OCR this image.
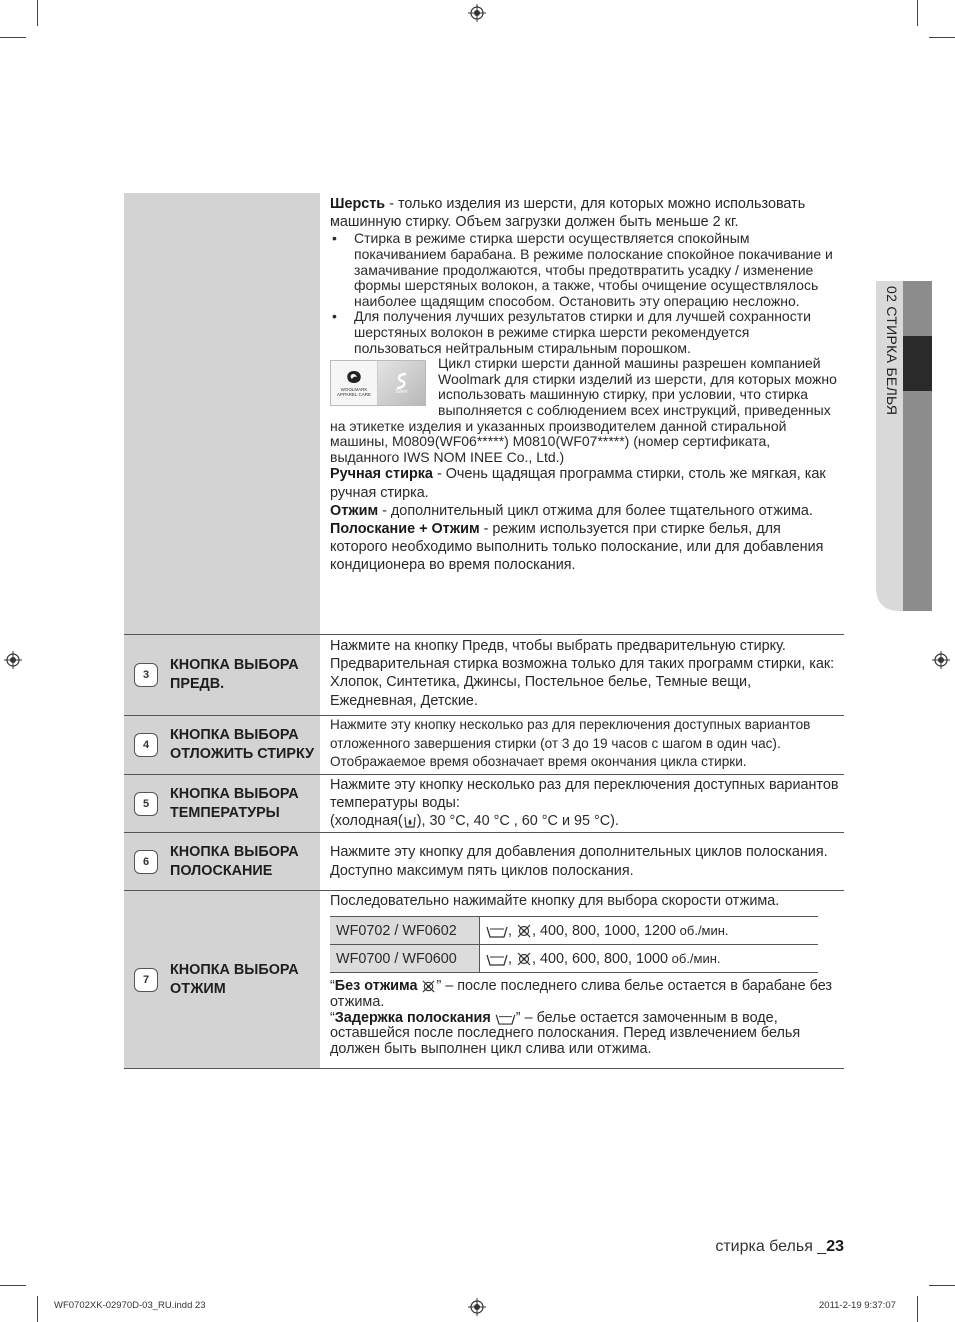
02 СТИРКА БЕЛЬЯ
Шерсть - только изделия из шерсти, для которых можно использовать машинную стирку. Объем загрузки должен быть меньше 2 кг.
• Стирка в режиме стирка шерсти осуществляется спокойным покачиванием барабана. В режиме полоскание спокойное покачивание и замачивание продолжаются, чтобы предотвратить усадку / изменение формы шерстяных волокон, а также, чтобы очищение осуществлялось наиболее щадящим способом. Остановить эту операцию несложно.
• Для получения лучших результатов стирки и для лучшей сохранности шерстяных волокон в режиме стирка шерсти рекомендуется пользоваться нейтральным стиральным порошком.
WOOLMARK
APPAREL CARE	Silver
Цикл стирки шерсти данной машины разрешен компанией Woolmark для стирки изделий из шерсти, для которых можно использовать машинную стирку, при условии, что стирка выполняется с соблюдением всех инструкций, приведенных на этикетке изделия и указанных производителем данной стиральной машины, M0809(WF06*****) M0810(WF07*****) (номер сертификата, выданного IWS NOM INEE Co., Ltd.)
Ручная стирка - Очень щадящая программа стирки, столь же мягкая, как ручная стирка.
Отжим - дополнительный цикл отжима для более тщательного отжима.
Полоскание + Отжим - режим используется при стирке белья, для которого необходимо выполнить только полоскание, или для добавления кондиционера во время полоскания.
3
КНОПКА ВЫБОРА ПРЕДВ.
Нажмите на кнопку Предв, чтобы выбрать предварительную стирку. Предварительная стирка возможна только для таких программ стирки, как: Хлопок, Синтетика, Джинсы, Постельное белье, Темные вещи, Ежедневная, Детские.
4
КНОПКА ВЫБОРА ОТЛОЖИТЬ СТИРКУ
Нажмите эту кнопку несколько раз для переключения доступных вариантов отложенного завершения стирки (от 3 до 19 часов с шагом в один час). Отображаемое время обозначает время окончания цикла стирки.
5
КНОПКА ВЫБОРА ТЕМПЕРАТУРЫ
Нажмите эту кнопку несколько раз для переключения доступных вариантов температуры воды:
(холодная( ), 30 °C, 40 °C , 60 °C и 95 °C).
6
КНОПКА ВЫБОРА ПОЛОСКАНИЕ
Нажмите эту кнопку для добавления дополнительных циклов полоскания. Доступно максимум пять циклов полоскания.
7
КНОПКА ВЫБОРА ОТЖИМ
Последовательно нажимайте кнопку для выбора скорости отжима.
WF0702 / WF0602	, , 400, 800, 1000, 1200 об./мин.
WF0700 / WF0600	, , 400, 600, 800, 1000 об./мин.
“Без отжима ” – после последнего слива белье остается в барабане без отжима.
“Задержка полоскания ” – белье остается замоченным в воде, оставшейся после последнего полоскания. Перед извлечением белья должен быть выполнен цикл слива или отжима.
стирка белья _23
WF0702XK-02970D-03_RU.indd 23	2011-2-19 9:37:07
